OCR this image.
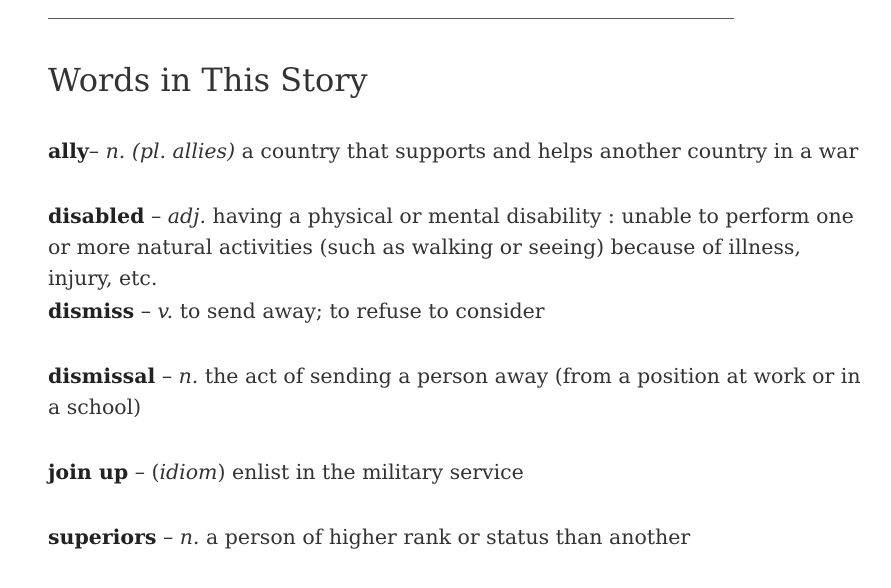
Words in This Story

ally– n. (pl. allies) a country that supports and helps another country in a war

disabled – adj. having a physical or mental disability : unable to perform one or more natural activities (such as walking or seeing) because of illness, injury, etc.

dismiss – v. to send away; to refuse to consider

dismissal – n. the act of sending a person away (from a position at work or in a school)

join up – (idiom) enlist in the military service

superiors – n. a person of higher rank or status than another
